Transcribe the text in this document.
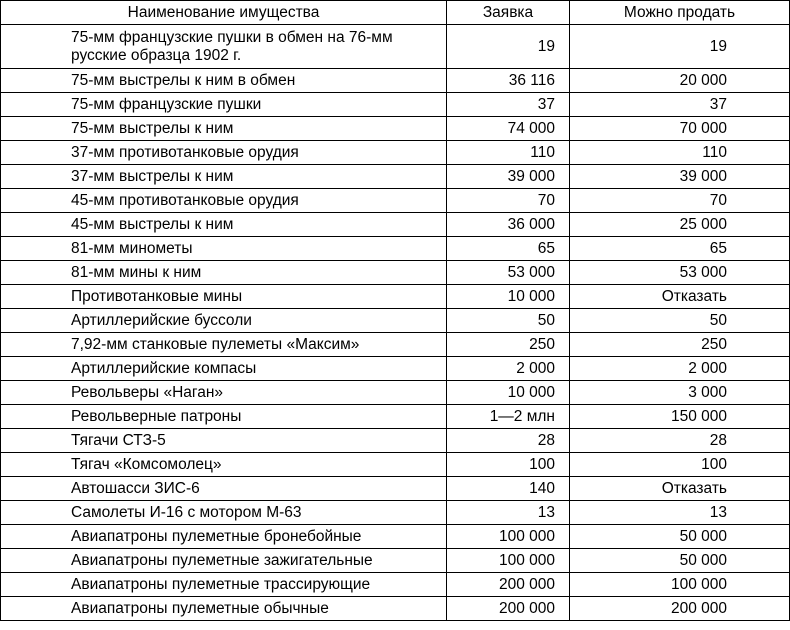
Наименование имущества	Заявка	Можно продать
75-мм французские пушки в обмен на 76-мм русские образца 1902 г.	19	19
75-мм выстрелы к ним в обмен	36 116	20 000
75-мм французские пушки	37	37
75-мм выстрелы к ним	74 000	70 000
37-мм противотанковые орудия	110	110
37-мм выстрелы к ним	39 000	39 000
45-мм противотанковые орудия	70	70
45-мм выстрелы к ним	36 000	25 000
81-мм минометы	65	65
81-мм мины к ним	53 000	53 000
Противотанковые мины	10 000	Отказать
Артиллерийские буссоли	50	50
7,92-мм станковые пулеметы «Максим»	250	250
Артиллерийские компасы	2 000	2 000
Револьверы «Наган»	10 000	3 000
Револьверные патроны	1—2 млн	150 000
Тягачи СТЗ-5	28	28
Тягач «Комсомолец»	100	100
Автошасси ЗИС-6	140	Отказать
Самолеты И-16 с мотором М-63	13	13
Авиапатроны пулеметные бронебойные	100 000	50 000
Авиапатроны пулеметные зажигательные	100 000	50 000
Авиапатроны пулеметные трассирующие	200 000	100 000
Авиапатроны пулеметные обычные	200 000	200 000
